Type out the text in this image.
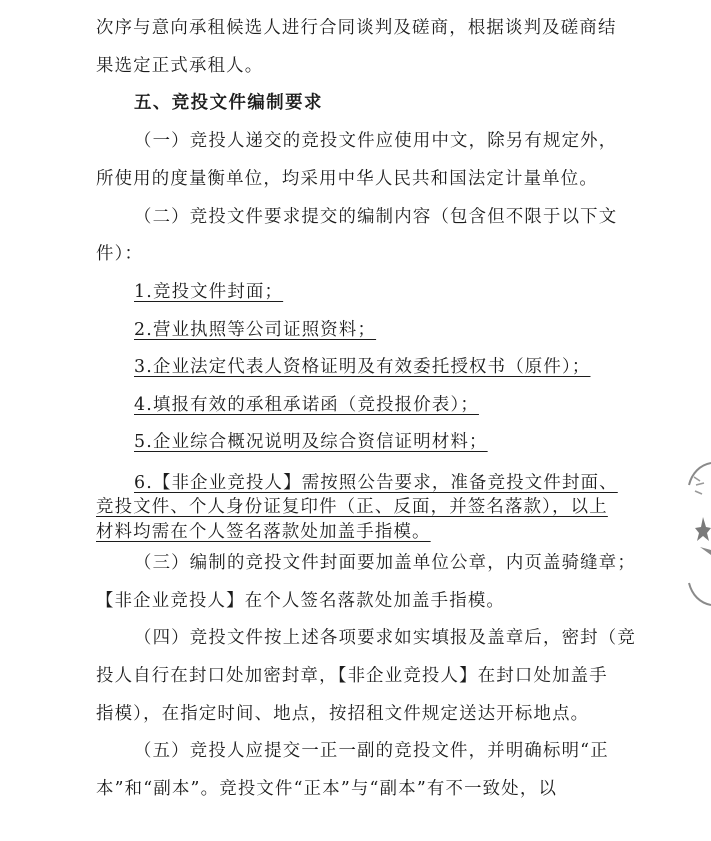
次序与意向承租候选人进行合同谈判及磋商，根据谈判及磋商结
果选定正式承租人。
五、竞投文件编制要求
（一）竞投人递交的竞投文件应使用中文，除另有规定外，
所使用的度量衡单位，均采用中华人民共和国法定计量单位。
（二）竞投文件要求提交的编制内容（包含但不限于以下文
件）：
1.竞投文件封面；
2.营业执照等公司证照资料；
3.企业法定代表人资格证明及有效委托授权书（原件）；
4.填报有效的承租承诺函（竞投报价表）；
5.企业综合概况说明及综合资信证明材料；
6.【非企业竞投人】需按照公告要求，准备竞投文件封面、
竞投文件、个人身份证复印件（正、反面，并签名落款），以上
材料均需在个人签名落款处加盖手指模。
（三）编制的竞投文件封面要加盖单位公章，内页盖骑缝章；
【非企业竞投人】在个人签名落款处加盖手指模。
（四）竞投文件按上述各项要求如实填报及盖章后，密封（竞
投人自行在封口处加密封章，【非企业竞投人】在封口处加盖手
指模），在指定时间、地点，按招租文件规定送达开标地点。
（五）竞投人应提交一正一副的竞投文件，并明确标明“正
本”和“副本”。竞投文件“正本”与“副本”有不一致处，以
